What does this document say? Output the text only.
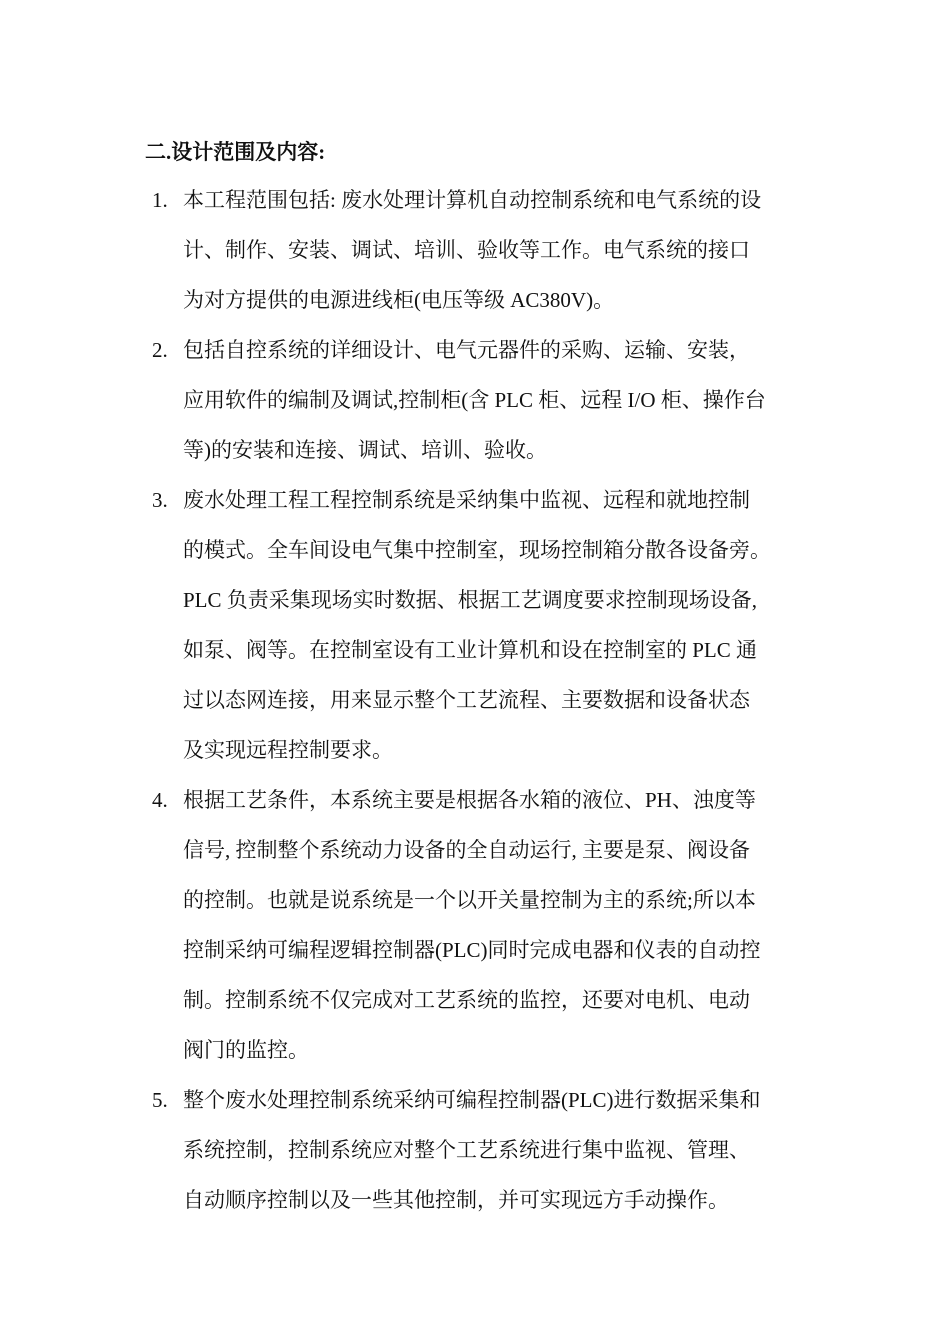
二.设计范围及内容:
1. 本工程范围包括: 废水处理计算机自动控制系统和电气系统的设
计、制作、安装、调试、培训、验收等工作。电气系统的接口
为对方提供的电源进线柜(电压等级 AC380V)。
2. 包括自控系统的详细设计、电气元器件的采购、运输、安装，
应用软件的编制及调试,控制柜(含 PLC 柜、远程 I/O 柜、操作台
等)的安装和连接、调试、培训、验收。
3. 废水处理工程工程控制系统是采纳集中监视、远程和就地控制
的模式。全车间设电气集中控制室，现场控制箱分散各设备旁。
PLC 负责采集现场实时数据、根据工艺调度要求控制现场设备,
如泵、阀等。在控制室设有工业计算机和设在控制室的 PLC 通
过以态网连接，用来显示整个工艺流程、主要数据和设备状态
及实现远程控制要求。
4. 根据工艺条件，本系统主要是根据各水箱的液位、PH、浊度等
信号, 控制整个系统动力设备的全自动运行, 主要是泵、阀设备
的控制。也就是说系统是一个以开关量控制为主的系统;所以本
控制采纳可编程逻辑控制器(PLC)同时完成电器和仪表的自动控
制。控制系统不仅完成对工艺系统的监控，还要对电机、电动
阀门的监控。
5. 整个废水处理控制系统采纳可编程控制器(PLC)进行数据采集和
系统控制，控制系统应对整个工艺系统进行集中监视、管理、
自动顺序控制以及一些其他控制，并可实现远方手动操作。
